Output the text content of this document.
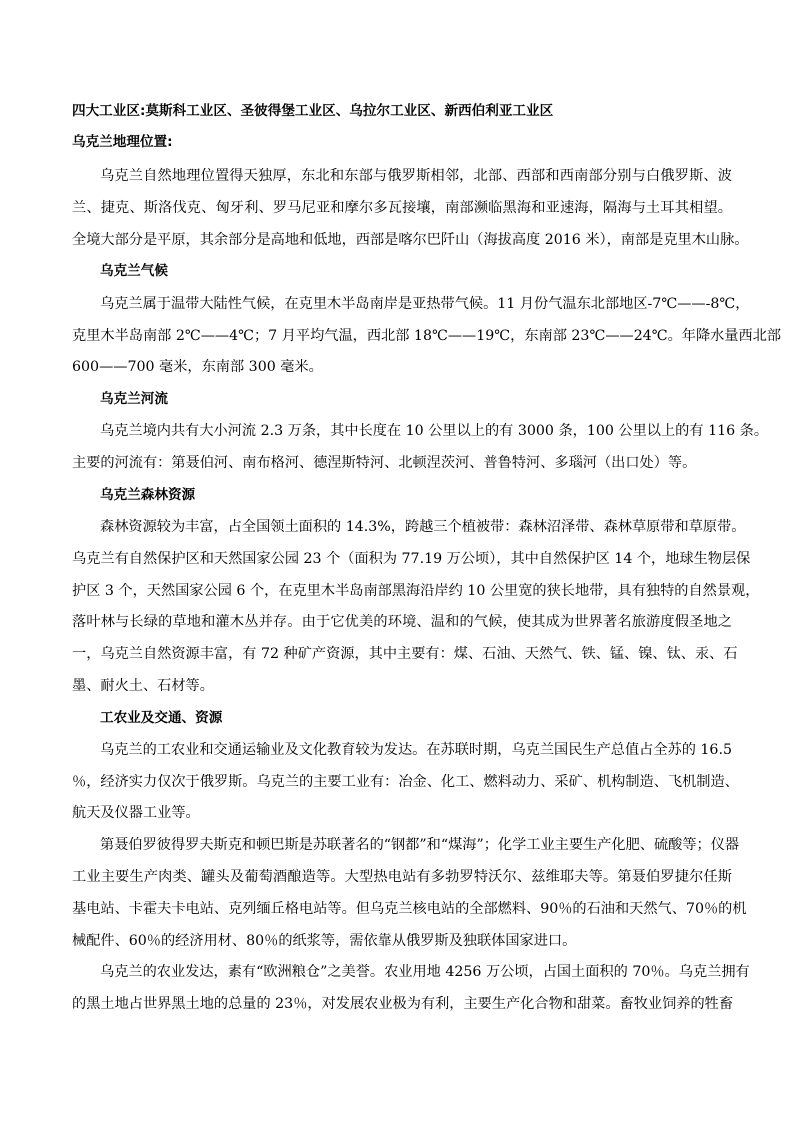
四大工业区:莫斯科工业区、圣彼得堡工业区、乌拉尔工业区、新西伯利亚工业区
乌克兰地理位置:
乌克兰自然地理位置得天独厚，东北和东部与俄罗斯相邻，北部、西部和西南部分别与白俄罗斯、波
兰、捷克、斯洛伐克、匈牙利、罗马尼亚和摩尔多瓦接壤，南部濒临黑海和亚速海，隔海与土耳其相望。
全境大部分是平原，其余部分是高地和低地，西部是喀尔巴阡山（海拔高度 2016 米），南部是克里木山脉。
乌克兰气候
乌克兰属于温带大陆性气候，在克里木半岛南岸是亚热带气候。11 月份气温东北部地区-7℃——-8℃，
克里木半岛南部 2℃——4℃；7 月平均气温，西北部 18℃——19℃，东南部 23℃——24℃。年降水量西北部
600——700 毫米，东南部 300 毫米。
乌克兰河流
乌克兰境内共有大小河流 2.3 万条，其中长度在 10 公里以上的有 3000 条，100 公里以上的有 116 条。
主要的河流有：第聂伯河、南布格河、德涅斯特河、北顿涅茨河、普鲁特河、多瑙河（出口处）等。
乌克兰森林资源
森林资源较为丰富，占全国领土面积的 14.3%，跨越三个植被带：森林沼泽带、森林草原带和草原带。
乌克兰有自然保护区和天然国家公园 23 个（面积为 77.19 万公顷），其中自然保护区 14 个，地球生物层保
护区 3 个，天然国家公园 6 个，在克里木半岛南部黑海沿岸约 10 公里宽的狭长地带，具有独特的自然景观，
落叶林与长绿的草地和灌木丛并存。由于它优美的环境、温和的气候，使其成为世界著名旅游度假圣地之
一，乌克兰自然资源丰富，有 72 种矿产资源，其中主要有：煤、石油、天然气、铁、锰、镍、钛、汞、石
墨、耐火土、石材等。
工农业及交通、资源
乌克兰的工农业和交通运输业及文化教育较为发达。在苏联时期，乌克兰国民生产总值占全苏的 16.5
％，经济实力仅次于俄罗斯。乌克兰的主要工业有：冶金、化工、燃料动力、采矿、机构制造、飞机制造、
航天及仪器工业等。
第聂伯罗彼得罗夫斯克和顿巴斯是苏联著名的“钢都”和“煤海”；化学工业主要生产化肥、硫酸等；仪器
工业主要生产肉类、罐头及葡萄酒酿造等。大型热电站有多勃罗特沃尔、兹维耶夫等。第聂伯罗捷尔任斯
基电站、卡霍夫卡电站、克列缅丘格电站等。但乌克兰核电站的全部燃料、90％的石油和天然气、70％的机
械配件、60％的经济用材、80％的纸浆等，需依靠从俄罗斯及独联体国家进口。
乌克兰的农业发达，素有“欧洲粮仓”之美誉。农业用地 4256 万公顷，占国土面积的 70％。乌克兰拥有
的黑土地占世界黑土地的总量的 23％，对发展农业极为有利，主要生产化合物和甜菜。畜牧业饲养的牲畜
